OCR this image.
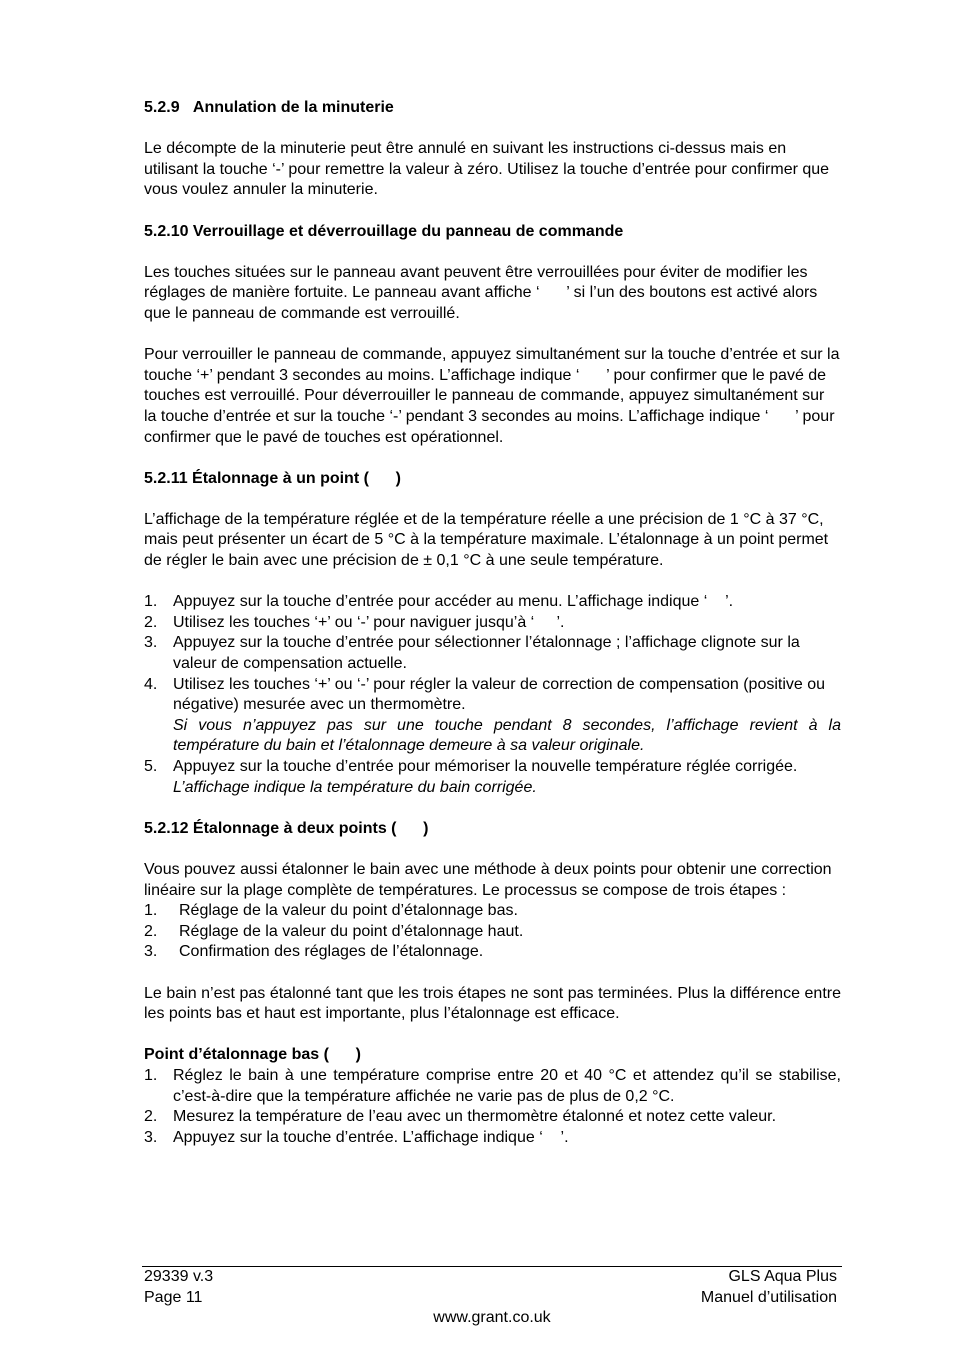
5.2.9   Annulation de la minuterie

Le décompte de la minuterie peut être annulé en suivant les instructions ci-dessus mais en utilisant la touche ‘-’ pour remettre la valeur à zéro. Utilisez la touche d’entrée pour confirmer que vous voulez annuler la minuterie.

5.2.10 Verrouillage et déverrouillage du panneau de commande

Les touches situées sur le panneau avant peuvent être verrouillées pour éviter de modifier les réglages de manière fortuite. Le panneau avant affiche ‘      ’ si l’un des boutons est activé alors que le panneau de commande est verrouillé.

Pour verrouiller le panneau de commande, appuyez simultanément sur la touche d’entrée et sur la touche ‘+’ pendant 3 secondes au moins. L’affichage indique ‘      ’ pour confirmer que le pavé de touches est verrouillé. Pour déverrouiller le panneau de commande, appuyez simultanément sur la touche d’entrée et sur la touche ‘-’ pendant 3 secondes au moins. L’affichage indique ‘      ’ pour confirmer que le pavé de touches est opérationnel.

5.2.11 Étalonnage à un point (      )

L’affichage de la température réglée et de la température réelle a une précision de 1 °C à 37 °C, mais peut présenter un écart de 5 °C à la température maximale. L’étalonnage à un point permet de régler le bain avec une précision de ± 0,1 °C à une seule température.

1. Appuyez sur la touche d’entrée pour accéder au menu. L’affichage indique ‘    ’.
2. Utilisez les touches ‘+’ ou ‘-’ pour naviguer jusqu’à ‘     ’.
3. Appuyez sur la touche d’entrée pour sélectionner l’étalonnage ; l’affichage clignote sur la valeur de compensation actuelle.
4. Utilisez les touches ‘+’ ou ‘-’ pour régler la valeur de correction de compensation (positive ou négative) mesurée avec un thermomètre.
Si vous n’appuyez pas sur une touche pendant 8 secondes, l’affichage revient à la température du bain et l’étalonnage demeure à sa valeur originale.
5. Appuyez sur la touche d’entrée pour mémoriser la nouvelle température réglée corrigée.
L’affichage indique la température du bain corrigée.
5.2.12 Étalonnage à deux points (      )

Vous pouvez aussi étalonner le bain avec une méthode à deux points pour obtenir une correction linéaire sur la plage complète de températures. Le processus se compose de trois étapes :

1. Réglage de la valeur du point d’étalonnage bas.
2. Réglage de la valeur du point d’étalonnage haut.
3. Confirmation des réglages de l’étalonnage.

Le bain n’est pas étalonné tant que les trois étapes ne sont pas terminées. Plus la différence entre les points bas et haut est importante, plus l’étalonnage est efficace.

Point d’étalonnage bas (      )
1. Réglez le bain à une température comprise entre 20 et 40 °C et attendez qu’il se stabilise, c’est-à-dire que la température affichée ne varie pas de plus de 0,2 °C.
2. Mesurez la température de l’eau avec un thermomètre étalonné et notez cette valeur.
3. Appuyez sur la touche d’entrée. L’affichage indique ‘    ’.
29339 v.3	GLS Aqua Plus
Page 11	Manuel d’utilisation
www.grant.co.uk
